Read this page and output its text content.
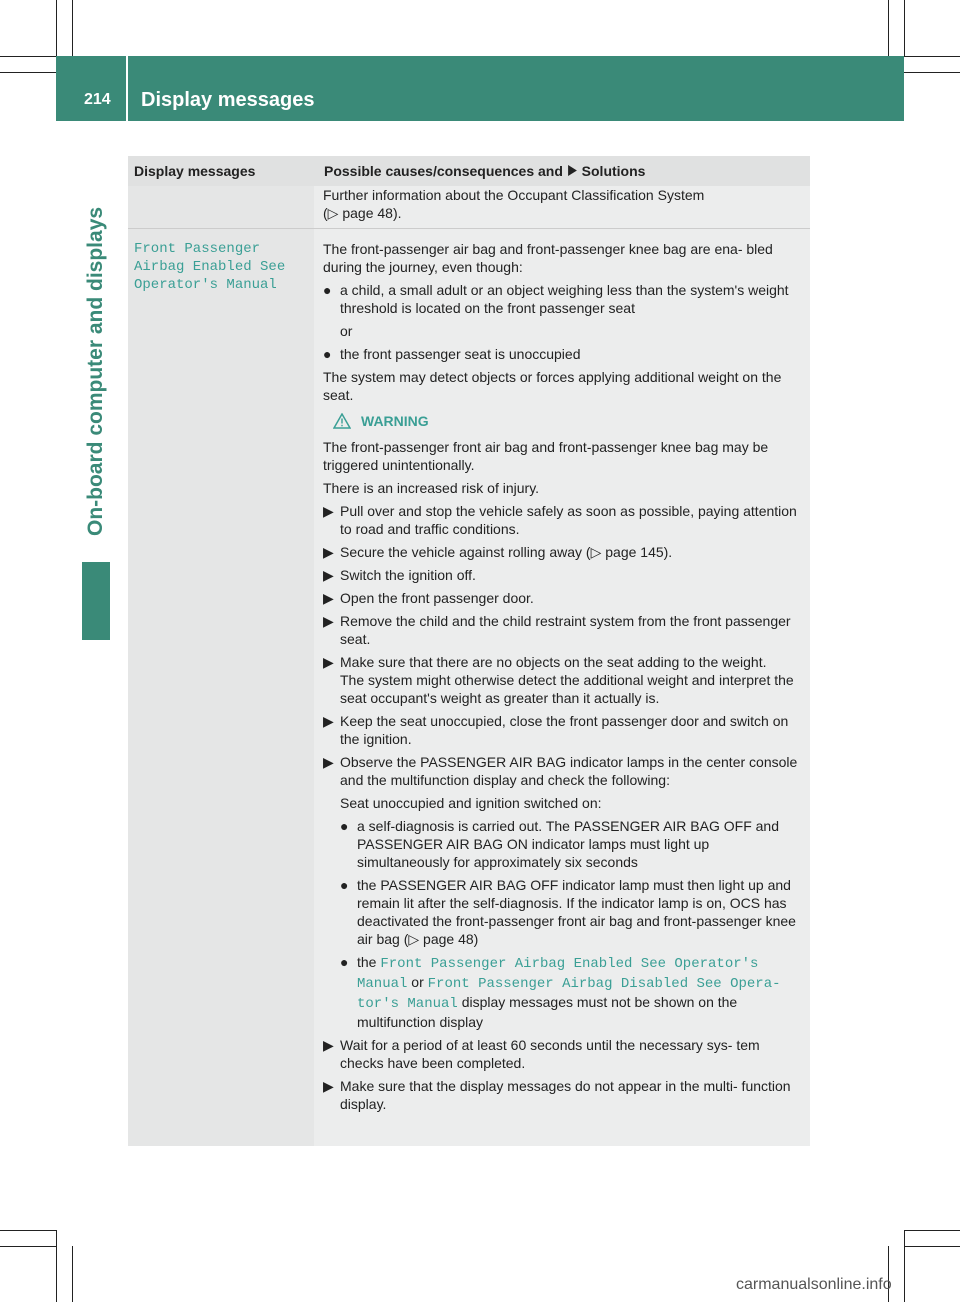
214 Display messages
On-board computer and displays
Display messages	Possible causes/consequences and  Solutions
Further information about the Occupant Classification System
(▷ page 48).
Front Passenger
Airbag Enabled See
Operator's Manual

The front-passenger air bag and front-passenger knee bag are ena- bled during the journey, even though:

● a child, a small adult or an object weighing less than the system's weight threshold is located on the front passenger seat

or

● the front passenger seat is unoccupied

The system may detect objects or forces applying additional weight on the seat.

WARNING

The front-passenger front air bag and front-passenger knee bag may be triggered unintentionally.

There is an increased risk of injury.

▶ Pull over and stop the vehicle safely as soon as possible, paying attention to road and traffic conditions.
▶ Secure the vehicle against rolling away (▷ page 145).
▶ Switch the ignition off.
▶ Open the front passenger door.
▶ Remove the child and the child restraint system from the front passenger seat.
▶ Make sure that there are no objects on the seat adding to the weight.
The system might otherwise detect the additional weight and interpret the seat occupant's weight as greater than it actually is.
▶ Keep the seat unoccupied, close the front passenger door and switch on the ignition.
▶ Observe the PASSENGER AIR BAG indicator lamps in the center console and the multifunction display and check the following:

Seat unoccupied and ignition switched on:

● a self-diagnosis is carried out. The PASSENGER AIR BAG OFF and PASSENGER AIR BAG ON indicator lamps must light up simultaneously for approximately six seconds
● the PASSENGER AIR BAG OFF indicator lamp must then light up and remain lit after the self-diagnosis. If the indicator lamp is on, OCS has deactivated the front-passenger front air bag and front-passenger knee air bag (▷ page 48)
● the Front Passenger Airbag Enabled See Operator's Manual or Front Passenger Airbag Disabled See Opera‐ tor's Manual display messages must not be shown on the multifunction display
▶ Wait for a period of at least 60 seconds until the necessary sys- tem checks have been completed.
▶ Make sure that the display messages do not appear in the multi- function display.
carmanualsonline.info
